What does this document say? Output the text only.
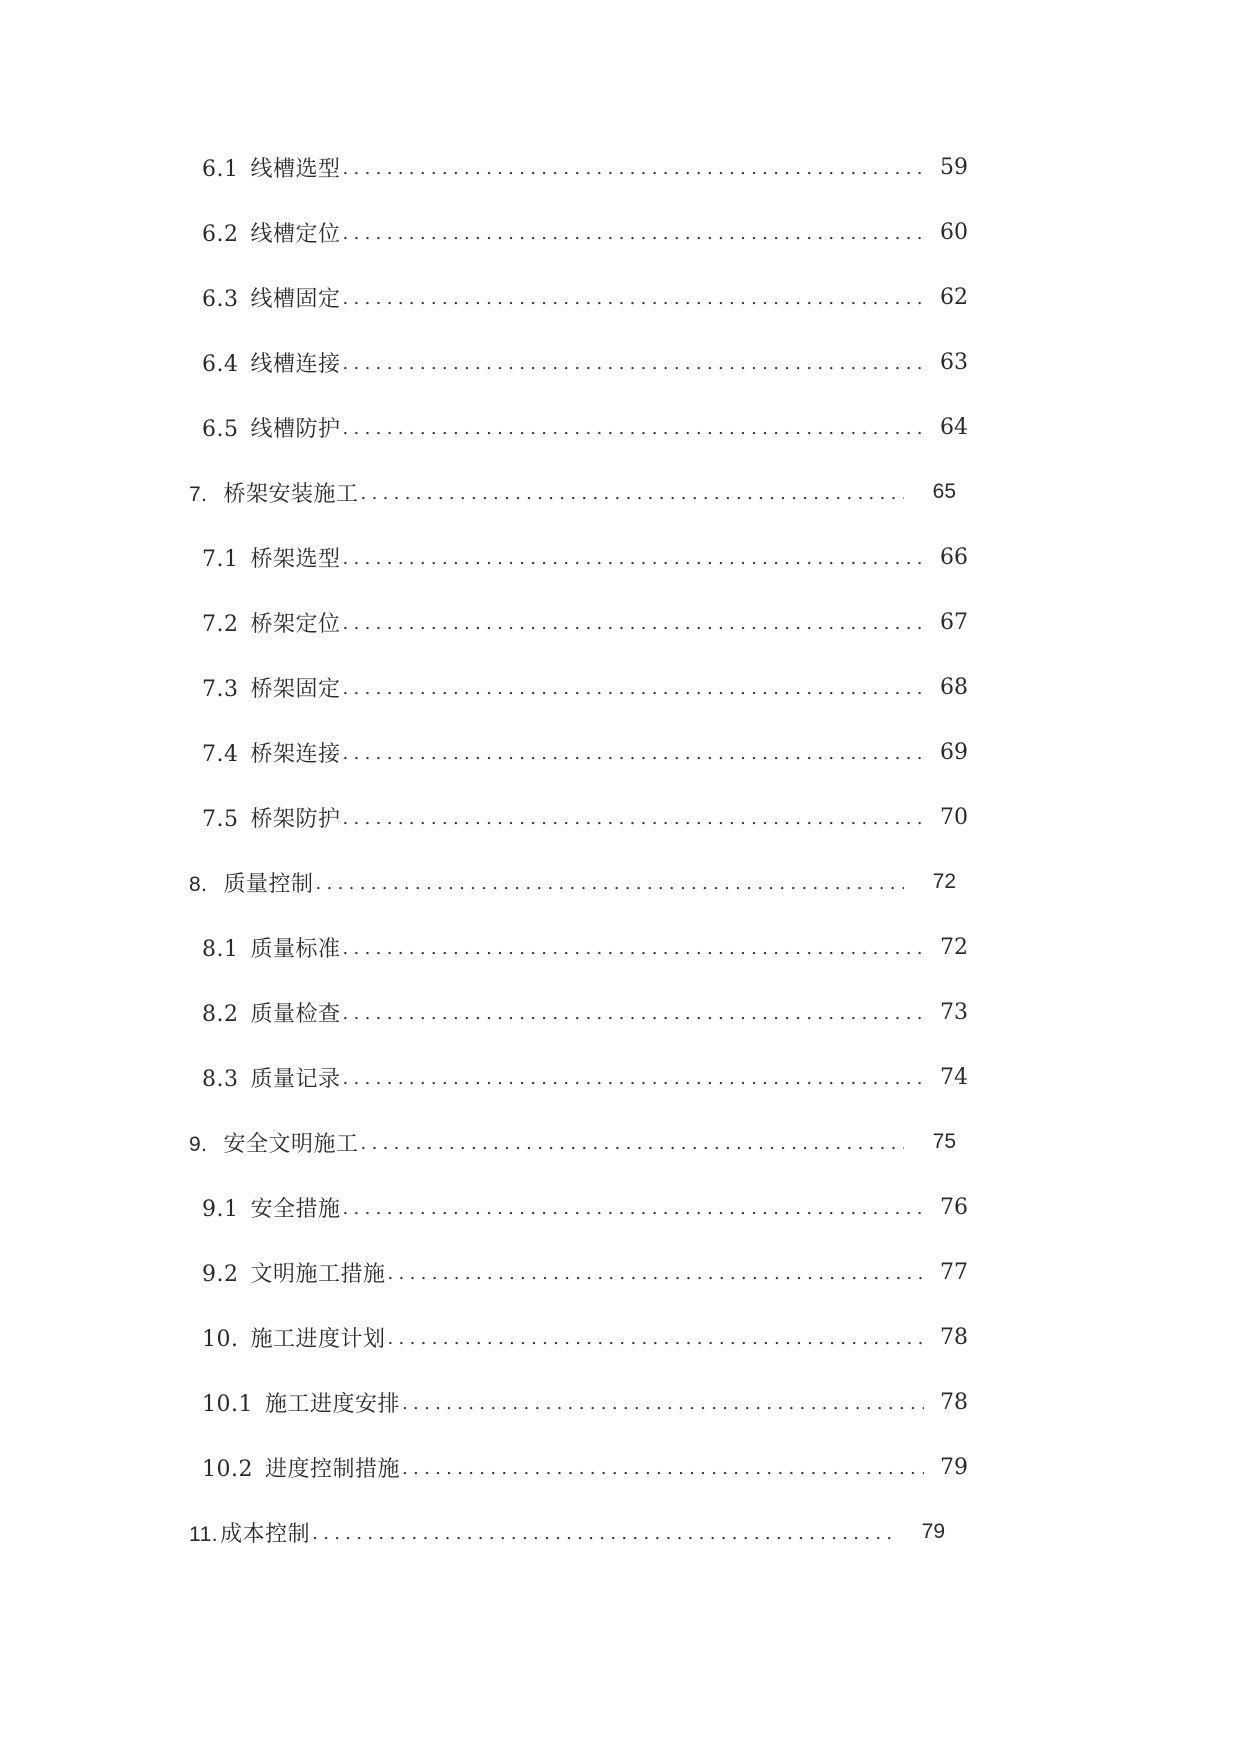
6.1 线槽选型 . . .	59
6.2 线槽定位 . . .	60
6.3 线槽固定 . . .	62
6.4 线槽连接 . . .	63
6.5 线槽防护 . . .	64
7. 桥架安装施工 . . .	65
7.1 桥架选型 . . .	66
7.2 桥架定位 . . .	67
7.3 桥架固定 . . .	68
7.4 桥架连接 . . .	69
7.5 桥架防护 . . .	70
8. 质量控制 . . .	72
8.1 质量标准 . . .	72
8.2 质量检查 . . .	73
8.3 质量记录 . . .	74
9. 安全文明施工 . . .	75
9.1 安全措施 . . .	76
9.2 文明施工措施 . . .	77
10. 施工进度计划 . . .	78
10.1 施工进度安排 . . .	78
10.2 进度控制措施 . . .	79
11.成本控制 . . .	79
